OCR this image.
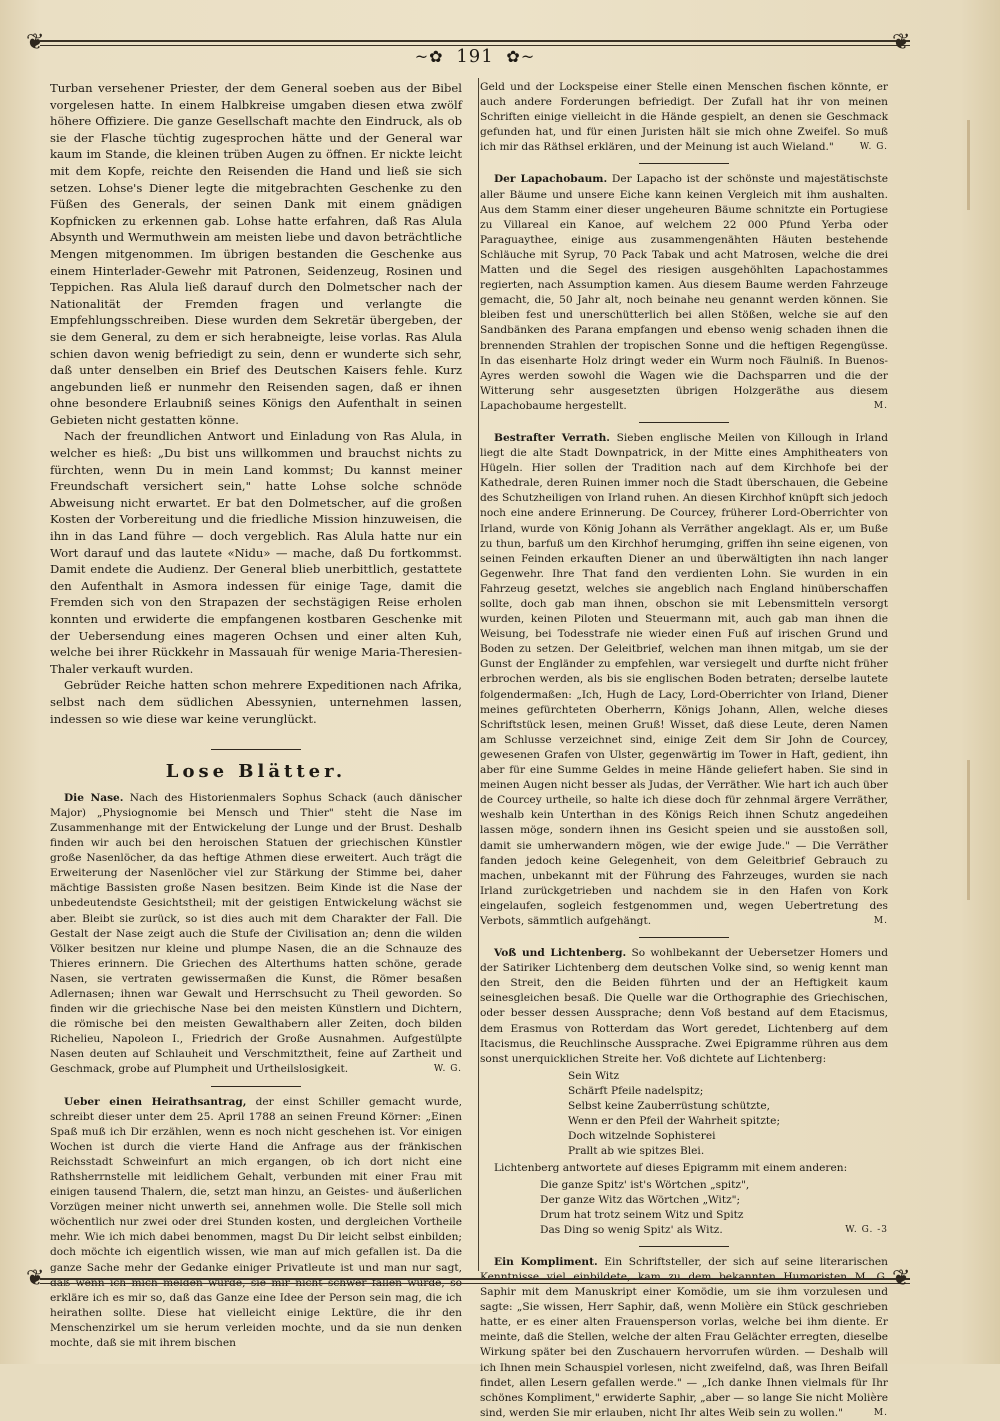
❦	❦
~✿ 191 ✿~

Turban versehener Priester, der dem General soeben aus der Bibel vorgelesen hatte. In einem Halbkreise umgaben diesen etwa zwölf höhere Offiziere. Die ganze Gesellschaft machte den Eindruck, als ob sie der Flasche tüchtig zugesprochen hätte und der General war kaum im Stande, die kleinen trüben Augen zu öffnen. Er nickte leicht mit dem Kopfe, reichte den Reisenden die Hand und ließ sie sich setzen. Lohse's Diener legte die mitgebrachten Geschenke zu den Füßen des Generals, der seinen Dank mit einem gnädigen Kopfnicken zu erkennen gab. Lohse hatte erfahren, daß Ras Alula Absynth und Wermuthwein am meisten liebe und davon beträchtliche Mengen mitgenommen. Im übrigen bestanden die Geschenke aus einem Hinterlader-Gewehr mit Patronen, Seidenzeug, Rosinen und Teppichen. Ras Alula ließ darauf durch den Dolmetscher nach der Nationalität der Fremden fragen und verlangte die Empfehlungsschreiben. Diese wurden dem Sekretär übergeben, der sie dem General, zu dem er sich herabneigte, leise vorlas. Ras Alula schien davon wenig befriedigt zu sein, denn er wunderte sich sehr, daß unter denselben ein Brief des Deutschen Kaisers fehle. Kurz angebunden ließ er nunmehr den Reisenden sagen, daß er ihnen ohne besondere Erlaubniß seines Königs den Aufenthalt in seinen Gebieten nicht gestatten könne.

Nach der freundlichen Antwort und Einladung von Ras Alula, in welcher es hieß: „Du bist uns willkommen und brauchst nichts zu fürchten, wenn Du in mein Land kommst; Du kannst meiner Freundschaft versichert sein," hatte Lohse solche schnöde Abweisung nicht erwartet. Er bat den Dolmetscher, auf die großen Kosten der Vorbereitung und die friedliche Mission hinzuweisen, die ihn in das Land führe — doch vergeblich. Ras Alula hatte nur ein Wort darauf und das lautete «Nidu» — mache, daß Du fortkommst. Damit endete die Audienz. Der General blieb unerbittlich, gestattete den Aufenthalt in Asmora indessen für einige Tage, damit die Fremden sich von den Strapazen der sechstägigen Reise erholen konnten und erwiderte die empfangenen kostbaren Geschenke mit der Uebersendung eines mageren Ochsen und einer alten Kuh, welche bei ihrer Rückkehr in Massauah für wenige Maria-Theresien-Thaler verkauft wurden.

Gebrüder Reiche hatten schon mehrere Expeditionen nach Afrika, selbst nach dem südlichen Abessynien, unternehmen lassen, indessen so wie diese war keine verunglückt.

Lose Blätter.

Die Nase. Nach des Historienmalers Sophus Schack (auch dänischer Major) „Physiognomie bei Mensch und Thier" steht die Nase im Zusammenhange mit der Entwickelung der Lunge und der Brust. Deshalb finden wir auch bei den heroischen Statuen der griechischen Künstler große Nasenlöcher, da das heftige Athmen diese erweitert. Auch trägt die Erweiterung der Nasenlöcher viel zur Stärkung der Stimme bei, daher mächtige Bassisten große Nasen besitzen. Beim Kinde ist die Nase der unbedeutendste Gesichtstheil; mit der geistigen Entwickelung wächst sie aber. Bleibt sie zurück, so ist dies auch mit dem Charakter der Fall. Die Gestalt der Nase zeigt auch die Stufe der Civilisation an; denn die wilden Völker besitzen nur kleine und plumpe Nasen, die an die Schnauze des Thieres erinnern. Die Griechen des Alterthums hatten schöne, gerade Nasen, sie vertraten gewissermaßen die Kunst, die Römer besaßen Adlernasen; ihnen war Gewalt und Herrschsucht zu Theil geworden. So finden wir die griechische Nase bei den meisten Künstlern und Dichtern, die römische bei den meisten Gewalthabern aller Zeiten, doch bilden Richelieu, Napoleon I., Friedrich der Große Ausnahmen. Aufgestülpte Nasen deuten auf Schlauheit und Verschmitztheit, feine auf Zartheit und Geschmack, grobe auf Plumpheit und Urtheilslosigkeit.	W. G.

Ueber einen Heirathsantrag, der einst Schiller gemacht wurde, schreibt dieser unter dem 25. April 1788 an seinen Freund Körner: „Einen Spaß muß ich Dir erzählen, wenn es noch nicht geschehen ist. Vor einigen Wochen ist durch die vierte Hand die Anfrage aus der fränkischen Reichsstadt Schweinfurt an mich ergangen, ob ich dort nicht eine Rathsherrnstelle mit leidlichem Gehalt, verbunden mit einer Frau mit einigen tausend Thalern, die, setzt man hinzu, an Geistes- und äußerlichen Vorzügen meiner nicht unwerth sei, annehmen wolle. Die Stelle soll mich wöchentlich nur zwei oder drei Stunden kosten, und dergleichen Vortheile mehr. Wie ich mich dabei benommen, magst Du Dir leicht selbst einbilden; doch möchte ich eigentlich wissen, wie man auf mich gefallen ist. Da die ganze Sache mehr der Gedanke einiger Privatleute ist und man nur sagt, daß wenn ich mich melden würde, sie mir nicht schwer fallen würde, so erkläre ich es mir so, daß das Ganze eine Idee der Person sein mag, die ich heirathen sollte. Diese hat vielleicht einige Lektüre, die ihr den Menschenzirkel um sie herum verleiden mochte, und da sie nun denken mochte, daß sie mit ihrem bischen

Geld und der Lockspeise einer Stelle einen Menschen fischen könnte, er auch andere Forderungen befriedigt. Der Zufall hat ihr von meinen Schriften einige vielleicht in die Hände gespielt, an denen sie Geschmack gefunden hat, und für einen Juristen hält sie mich ohne Zweifel. So muß ich mir das Räthsel erklären, und der Meinung ist auch Wieland."	W. G.

Der Lapachobaum. Der Lapacho ist der schönste und majestätischste aller Bäume und unsere Eiche kann keinen Vergleich mit ihm aushalten. Aus dem Stamm einer dieser ungeheuren Bäume schnitzte ein Portugiese zu Villareal ein Kanoe, auf welchem 22 000 Pfund Yerba oder Paraguaythee, einige aus zusammengenähten Häuten bestehende Schläuche mit Syrup, 70 Pack Tabak und acht Matrosen, welche die drei Matten und die Segel des riesigen ausgehöhlten Lapachostammes regierten, nach Assumption kamen. Aus diesem Baume werden Fahrzeuge gemacht, die, 50 Jahr alt, noch beinahe neu genannt werden können. Sie bleiben fest und unerschütterlich bei allen Stößen, welche sie auf den Sandbänken des Parana empfangen und ebenso wenig schaden ihnen die brennenden Strahlen der tropischen Sonne und die heftigen Regengüsse. In das eisenharte Holz dringt weder ein Wurm noch Fäulniß. In Buenos-Ayres werden sowohl die Wagen wie die Dachsparren und die der Witterung sehr ausgesetzten übrigen Holzgeräthe aus diesem Lapachobaume hergestellt.	M.

Bestrafter Verrath. Sieben englische Meilen von Killough in Irland liegt die alte Stadt Downpatrick, in der Mitte eines Amphitheaters von Hügeln. Hier sollen der Tradition nach auf dem Kirchhofe bei der Kathedrale, deren Ruinen immer noch die Stadt überschauen, die Gebeine des Schutzheiligen von Irland ruhen. An diesen Kirchhof knüpft sich jedoch noch eine andere Erinnerung. De Courcey, früherer Lord-Oberrichter von Irland, wurde von König Johann als Verräther angeklagt. Als er, um Buße zu thun, barfuß um den Kirchhof herumging, griffen ihn seine eigenen, von seinen Feinden erkauften Diener an und überwältigten ihn nach langer Gegenwehr. Ihre That fand den verdienten Lohn. Sie wurden in ein Fahrzeug gesetzt, welches sie angeblich nach England hinüberschaffen sollte, doch gab man ihnen, obschon sie mit Lebensmitteln versorgt wurden, keinen Piloten und Steuermann mit, auch gab man ihnen die Weisung, bei Todesstrafe nie wieder einen Fuß auf irischen Grund und Boden zu setzen. Der Geleitbrief, welchen man ihnen mitgab, um sie der Gunst der Engländer zu empfehlen, war versiegelt und durfte nicht früher erbrochen werden, als bis sie englischen Boden betraten; derselbe lautete folgendermaßen: „Ich, Hugh de Lacy, Lord-Oberrichter von Irland, Diener meines gefürchteten Oberherrn, Königs Johann, Allen, welche dieses Schriftstück lesen, meinen Gruß! Wisset, daß diese Leute, deren Namen am Schlusse verzeichnet sind, einige Zeit dem Sir John de Courcey, gewesenen Grafen von Ulster, gegenwärtig im Tower in Haft, gedient, ihn aber für eine Summe Geldes in meine Hände geliefert haben. Sie sind in meinen Augen nicht besser als Judas, der Verräther. Wie hart ich auch über de Courcey urtheile, so halte ich diese doch für zehnmal ärgere Verräther, weshalb kein Unterthan in des Königs Reich ihnen Schutz angedeihen lassen möge, sondern ihnen ins Gesicht speien und sie ausstoßen soll, damit sie umherwandern mögen, wie der ewige Jude." — Die Verräther fanden jedoch keine Gelegenheit, von dem Geleitbrief Gebrauch zu machen, unbekannt mit der Führung des Fahrzeuges, wurden sie nach Irland zurückgetrieben und nachdem sie in den Hafen von Kork eingelaufen, sogleich festgenommen und, wegen Uebertretung des Verbots, sämmtlich aufgehängt.	M.

Voß und Lichtenberg. So wohlbekannt der Uebersetzer Homers und der Satiriker Lichtenberg dem deutschen Volke sind, so wenig kennt man den Streit, den die Beiden führten und der an Heftigkeit kaum seinesgleichen besaß. Die Quelle war die Orthographie des Griechischen, oder besser dessen Aussprache; denn Voß bestand auf dem Etacismus, dem Erasmus von Rotterdam das Wort geredet, Lichtenberg auf dem Itacismus, die Reuchlinsche Aussprache. Zwei Epigramme rühren aus dem sonst unerquicklichen Streite her. Voß dichtete auf Lichtenberg:

Sein Witz
Schärft Pfeile nadelspitz;
Selbst keine Zauberrüstung schützte,
Wenn er den Pfeil der Wahrheit spitzte;
Doch witzelnde Sophisterei
Prallt ab wie spitzes Blei.

Lichtenberg antwortete auf dieses Epigramm mit einem anderen:

Die ganze Spitz' ist's Wörtchen „spitz",
Der ganze Witz das Wörtchen „Witz";
Drum hat trotz seinem Witz und Spitz
Das Ding so wenig Spitz' als Witz.	W. G. -3

Ein Kompliment. Ein Schriftsteller, der sich auf seine literarischen Kenntnisse viel einbildete, kam zu dem bekannten Humoristen M. G. Saphir mit dem Manuskript einer Komödie, um sie ihm vorzulesen und sagte: „Sie wissen, Herr Saphir, daß, wenn Molière ein Stück geschrieben hatte, er es einer alten Frauensperson vorlas, welche bei ihm diente. Er meinte, daß die Stellen, welche der alten Frau Gelächter erregten, dieselbe Wirkung später bei den Zuschauern hervorrufen würden. — Deshalb will ich Ihnen mein Schauspiel vorlesen, nicht zweifelnd, daß, was Ihren Beifall findet, allen Lesern gefallen werde." — „Ich danke Ihnen vielmals für Ihr schönes Kompliment," erwiderte Saphir, „aber — so lange Sie nicht Molière sind, werden Sie mir erlauben, nicht Ihr altes Weib sein zu wollen."	M.

❦	❦
